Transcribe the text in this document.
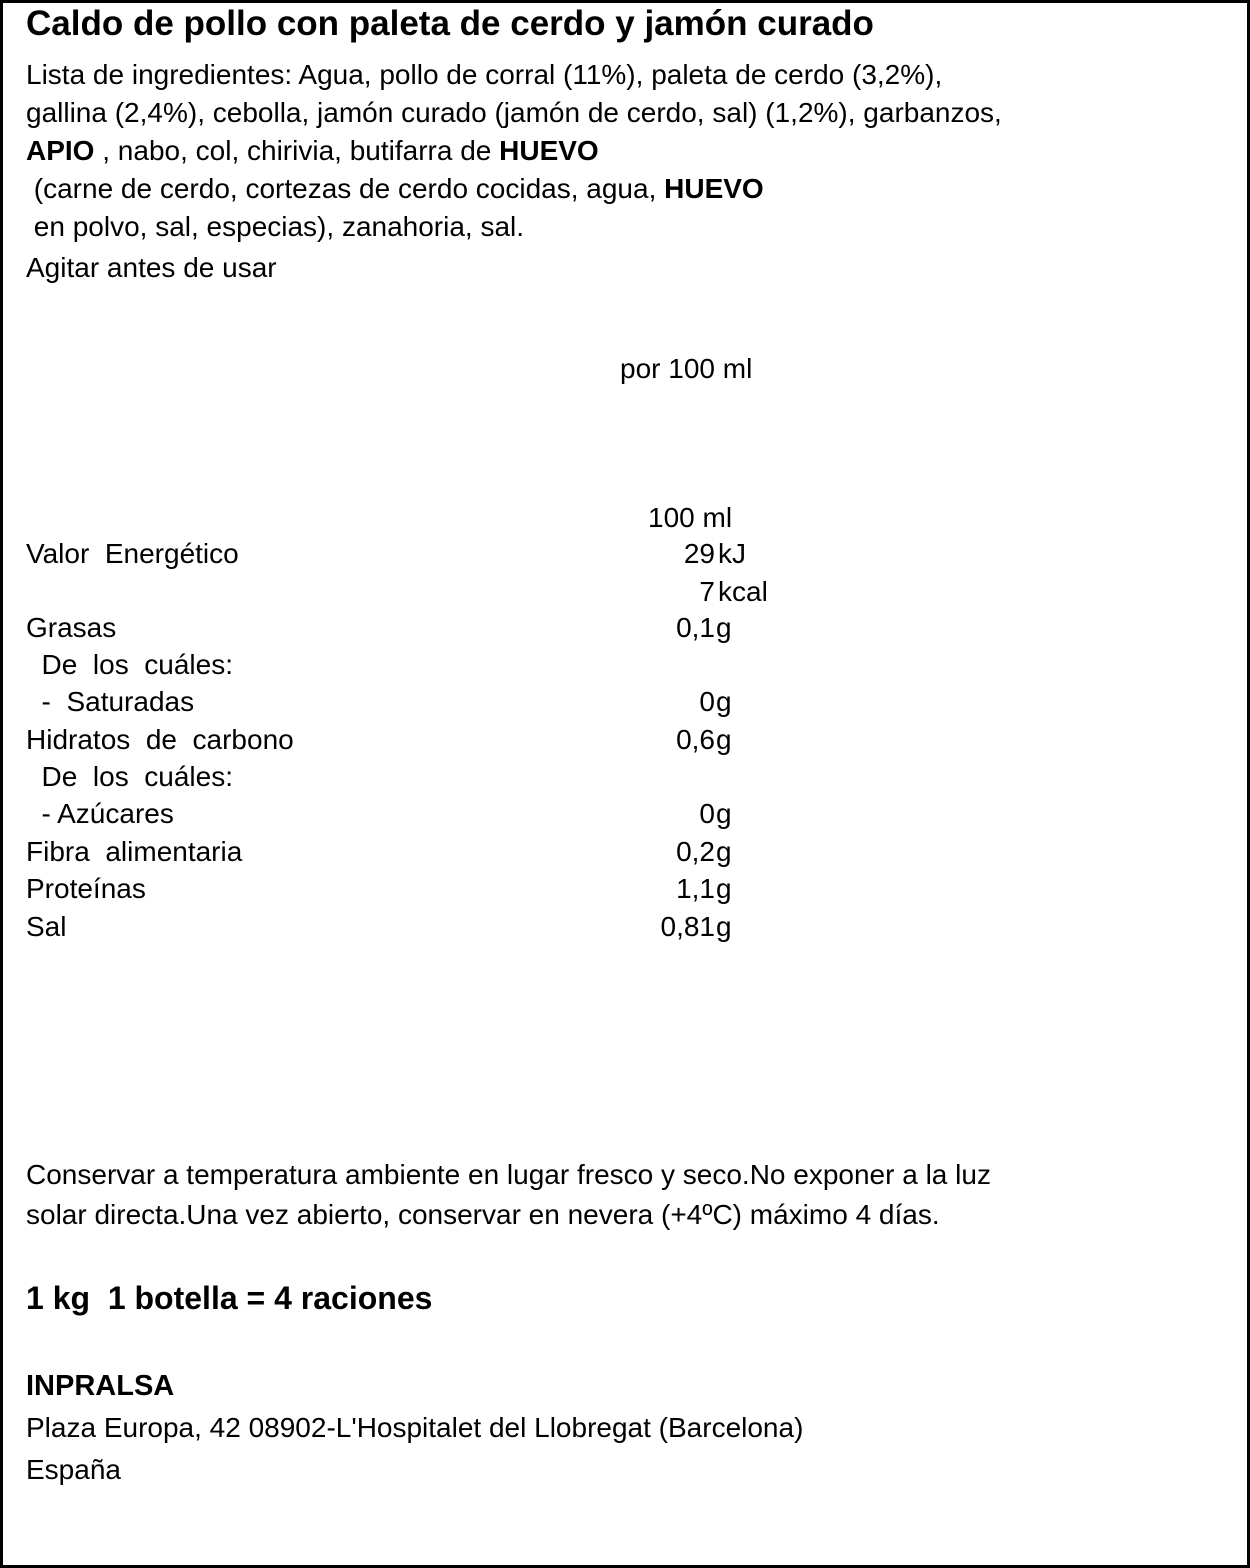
Caldo de pollo con paleta de cerdo y jamón curado
Lista de ingredientes: Agua, pollo de corral (11%), paleta de cerdo (3,2%),
gallina (2,4%), cebolla, jamón curado (jamón de cerdo, sal) (1,2%), garbanzos,
APIO , nabo, col, chirivia, butifarra de HUEVO (carne de cerdo, cortezas de cerdo cocidas, agua, HUEVO en polvo, sal, especias), zanahoria, sal.
Agitar antes de usar
por 100 ml
100 ml
Valor  Energético	29 kJ
7 kcal
Grasas	0,1 g
De  los  cuáles:
-  Saturadas	0 g
Hidratos  de  carbono	0,6 g
De  los  cuáles:
- Azúcares	0 g
Fibra  alimentaria	0,2 g
Proteínas	1,1 g
Sal	0,81 g
Conservar a temperatura ambiente en lugar fresco y seco.No exponer a la luz
solar directa.Una vez abierto, conservar en nevera (+4ºC) máximo 4 días.
1 kg  1 botella = 4 raciones
INPRALSA
Plaza Europa, 42 08902-L'Hospitalet del Llobregat (Barcelona)
España
